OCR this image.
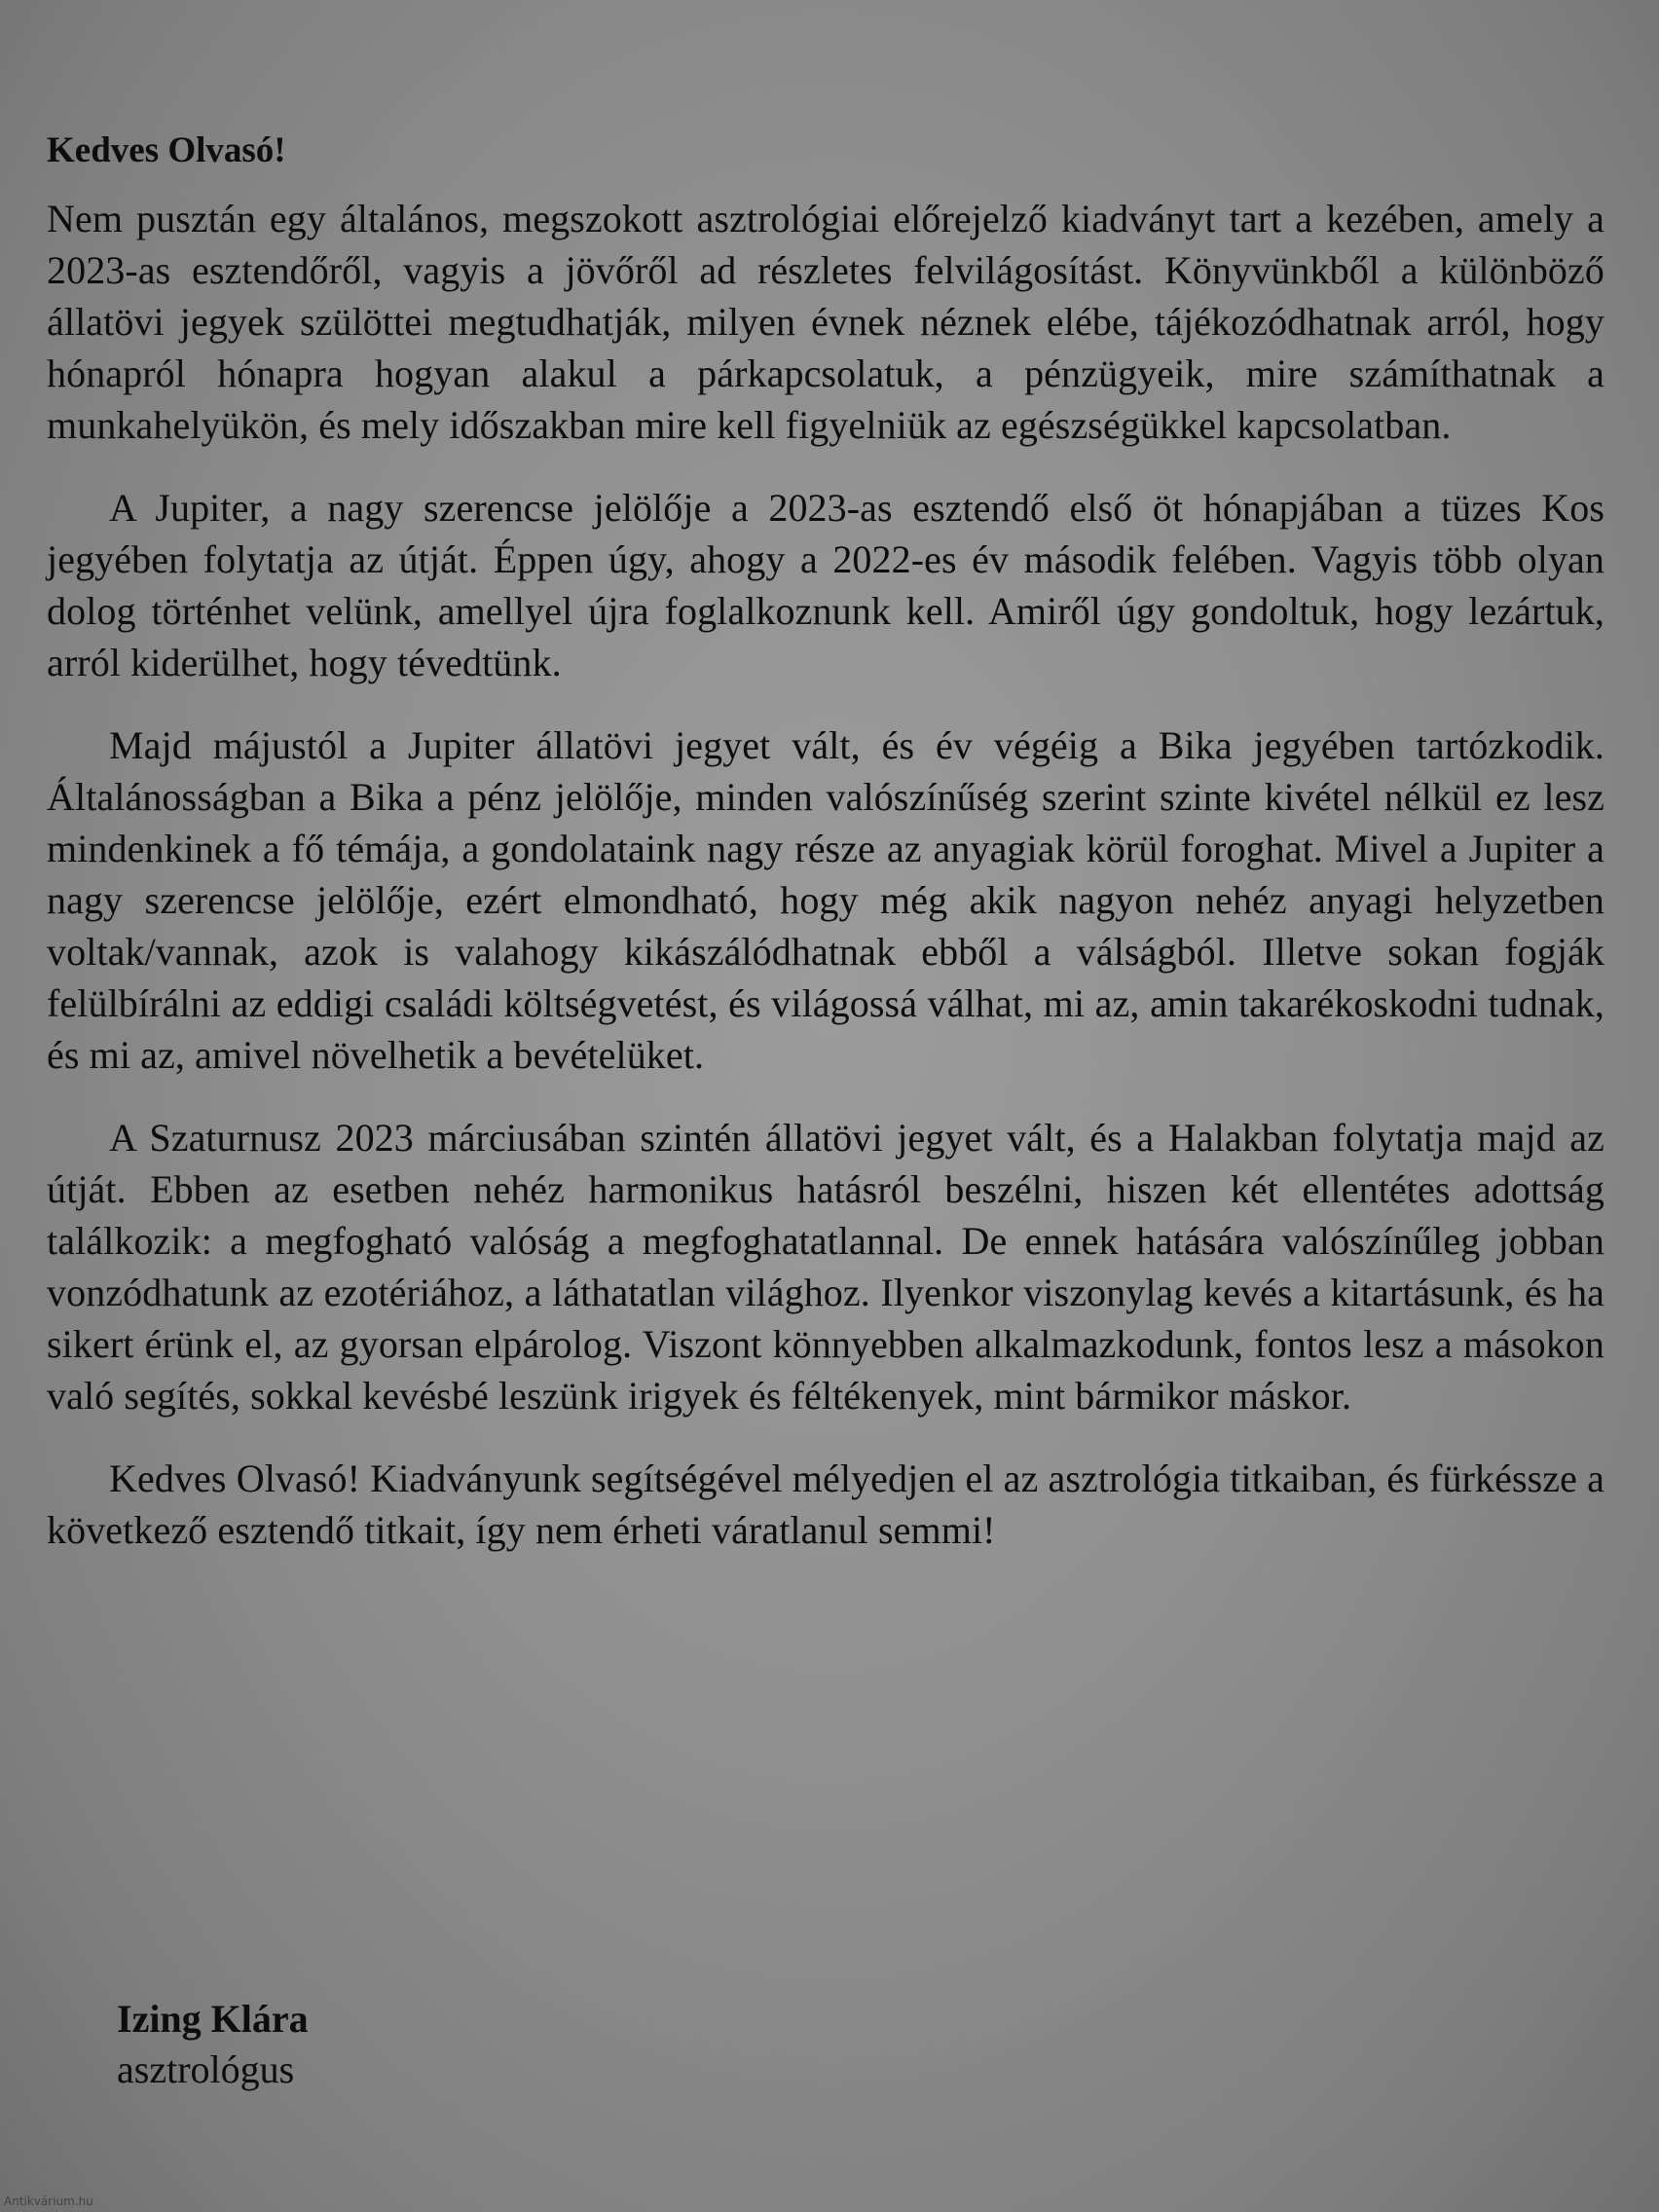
Kedves Olvasó!

Nem pusztán egy általános, megszokott asztrológiai előrejelző kiadványt tart a kezében, amely a 2023-as esztendőről, vagyis a jövőről ad részletes felvilágosítást. Könyvünkből a különböző állatövi jegyek szülöttei megtudhatják, milyen évnek néznek elébe, tájékozódhatnak arról, hogy hónapról hónapra hogyan alakul a párkapcsolatuk, a pénzügyeik, mire számíthatnak a munkahelyükön, és mely időszakban mire kell figyelniük az egészségükkel kapcsolatban.

A Jupiter, a nagy szerencse jelölője a 2023-as esztendő első öt hónapjában a tüzes Kos jegyében folytatja az útját. Éppen úgy, ahogy a 2022-es év második felében. Vagyis több olyan dolog történhet velünk, amellyel újra foglalkoznunk kell. Amiről úgy gondoltuk, hogy lezártuk, arról kiderülhet, hogy tévedtünk.

Majd májustól a Jupiter állatövi jegyet vált, és év végéig a Bika jegyében tartózkodik. Általánosságban a Bika a pénz jelölője, minden valószínűség szerint szinte kivétel nélkül ez lesz mindenkinek a fő témája, a gondolataink nagy része az anyagiak körül foroghat. Mivel a Jupiter a nagy szerencse jelölője, ezért elmondható, hogy még akik nagyon nehéz anyagi helyzetben voltak/vannak, azok is valahogy kikászálódhatnak ebből a válságból. Illetve sokan fogják felülbírálni az eddigi családi költségvetést, és világossá válhat, mi az, amin takarékoskodni tudnak, és mi az, amivel növelhetik a bevételüket.

A Szaturnusz 2023 márciusában szintén állatövi jegyet vált, és a Halakban folytatja majd az útját. Ebben az esetben nehéz harmonikus hatásról beszélni, hiszen két ellentétes adottság találkozik: a megfogható valóság a megfoghatatlannal. De ennek hatására valószínűleg jobban vonzódhatunk az ezotériához, a láthatatlan világhoz. Ilyenkor viszonylag kevés a kitartásunk, és ha sikert érünk el, az gyorsan elpárolog. Viszont könnyebben alkalmazkodunk, fontos lesz a másokon való segítés, sokkal kevésbé leszünk irigyek és féltékenyek, mint bármikor máskor.

Kedves Olvasó! Kiadványunk segítségével mélyedjen el az asztrológia titkaiban, és fürkéssze a következő esztendő titkait, így nem érheti váratlanul semmi!

Izing Klára
asztrológus
Antikvárium.hu
